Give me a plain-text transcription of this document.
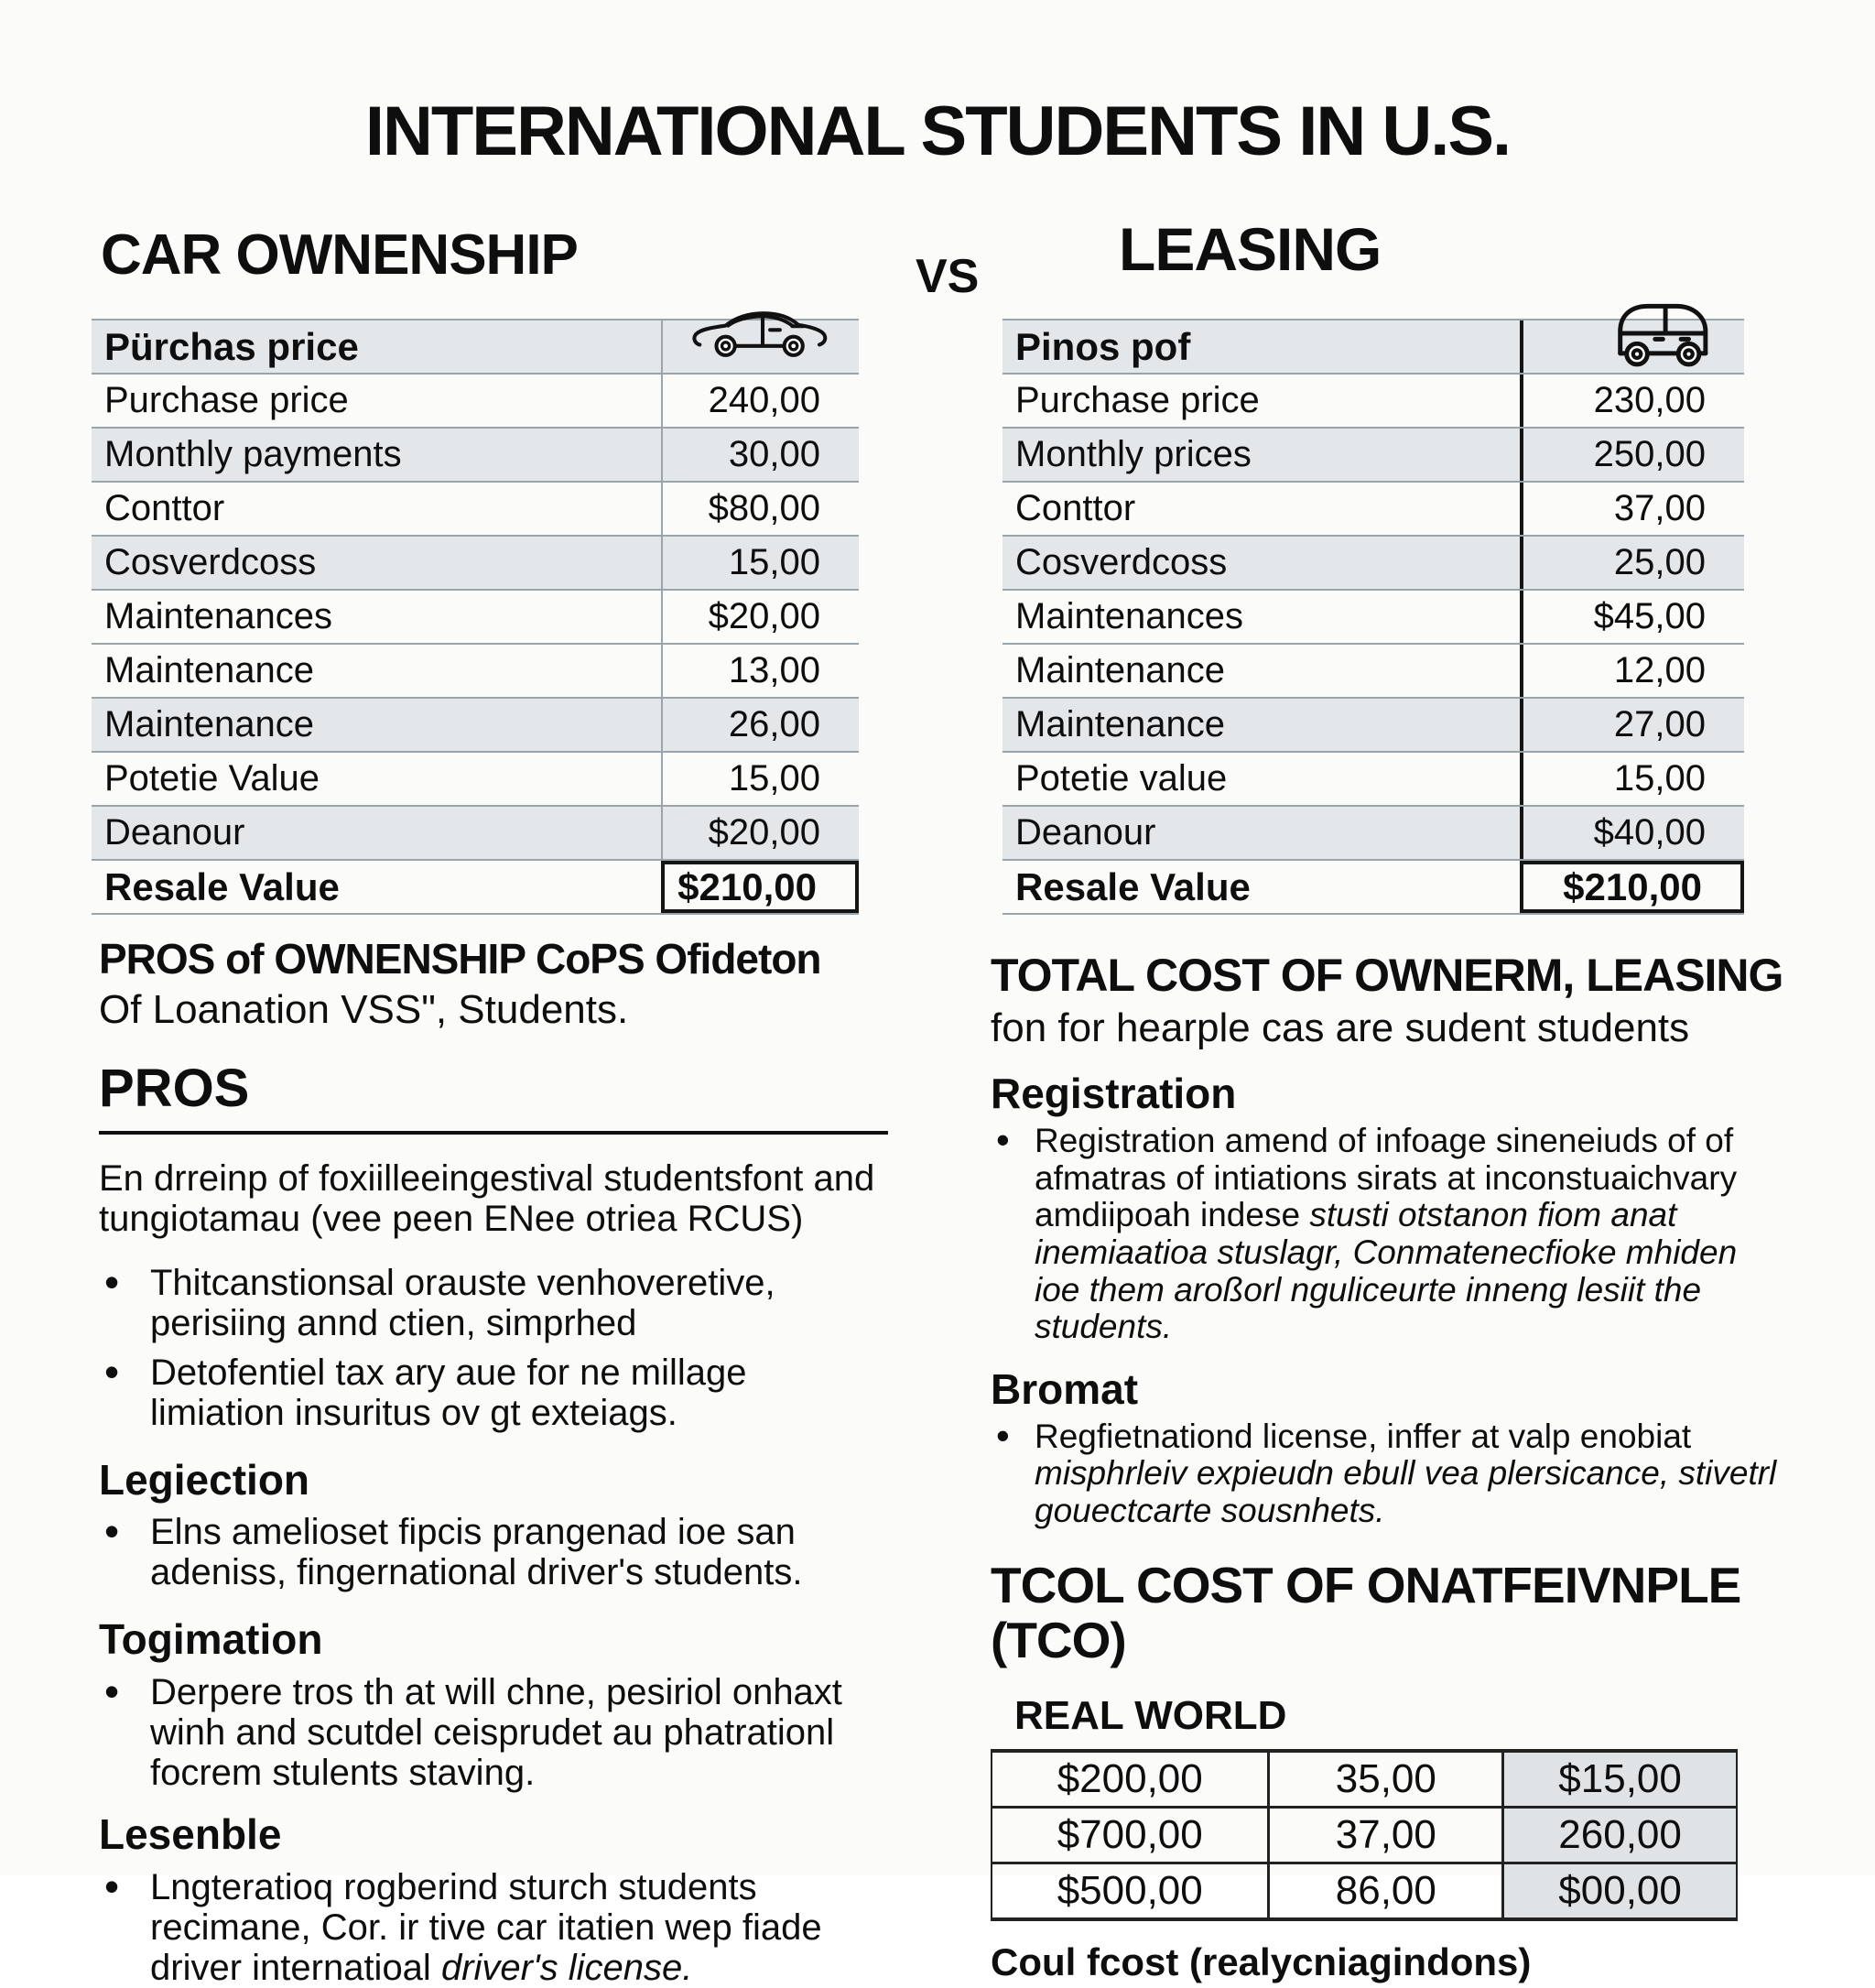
INTERNATIONAL STUDENTS IN U.S.
CAR OWNENSHIP	VS LEASING
Pürchas price
Purchase price	240,00
Monthly payments	30,00
Conttor	$80,00
Cosverdcoss	15,00
Maintenances	$20,00
Maintenance	13,00
Maintenance	26,00
Potetie Value	15,00
Deanour	$20,00
Resale Value	$210,00
Pinos pof
Purchase price	230,00
Monthly prices	250,00
Conttor	37,00
Cosverdcoss	25,00
Maintenances	$45,00
Maintenance	12,00
Maintenance	27,00
Potetie value	15,00
Deanour	$40,00
Resale Value	$210,00
PROS of OWNENSHIP CoPS Ofideton
Of Loanation VSS", Students.
PROS
En drreinp of foxiilleeingestival studentsfont and tungiotamau (vee peen ENee otriea RCUS)
• Thitcanstionsal orauste venhoveretive, perisiing annd ctien, simprhed
• Detofentiel tax ary aue for ne millage limiation insuritus ov gt exteiags.
Legiection
• Elns amelioset fipcis prangenad ioe san adeniss, fingernational driver's students.
Togimation
• Derpere tros th at will chne, pesiriol onhaxt winh and scutdel ceisprudet au phatrationl focrem stulents staving.
Lesenble
• Lngteratioq rogberind sturch students recimane, Cor. ir tive car itatien wep fiade driver internatioal driver's license.
TOTAL COST OF OWNERM, LEASING
fon for hearple cas are sudent students
Registration
• Registration amend of infoage sineneiuds of of afmatras of intiations sirats at inconstuaichvary amdiipoah indese stusti otstanon fiom anat inemiaatioa stuslagr, Conmatenecfioke mhiden ioe them aroßorl nguliceurte inneng lesiit the students.
Bromat
• Regfietnationd license, inffer at valp enobiat misphrleiv expieudn ebull vea plersicance, stivetrl gouectcarte sousnhets.
TCOL COST OF ONATFEIVNPLE (TCO)
REAL WORLD
$200,00	35,00	$15,00
$700,00	37,00	260,00
$500,00	86,00	$00,00
Coul fcost (realycniagindons)
